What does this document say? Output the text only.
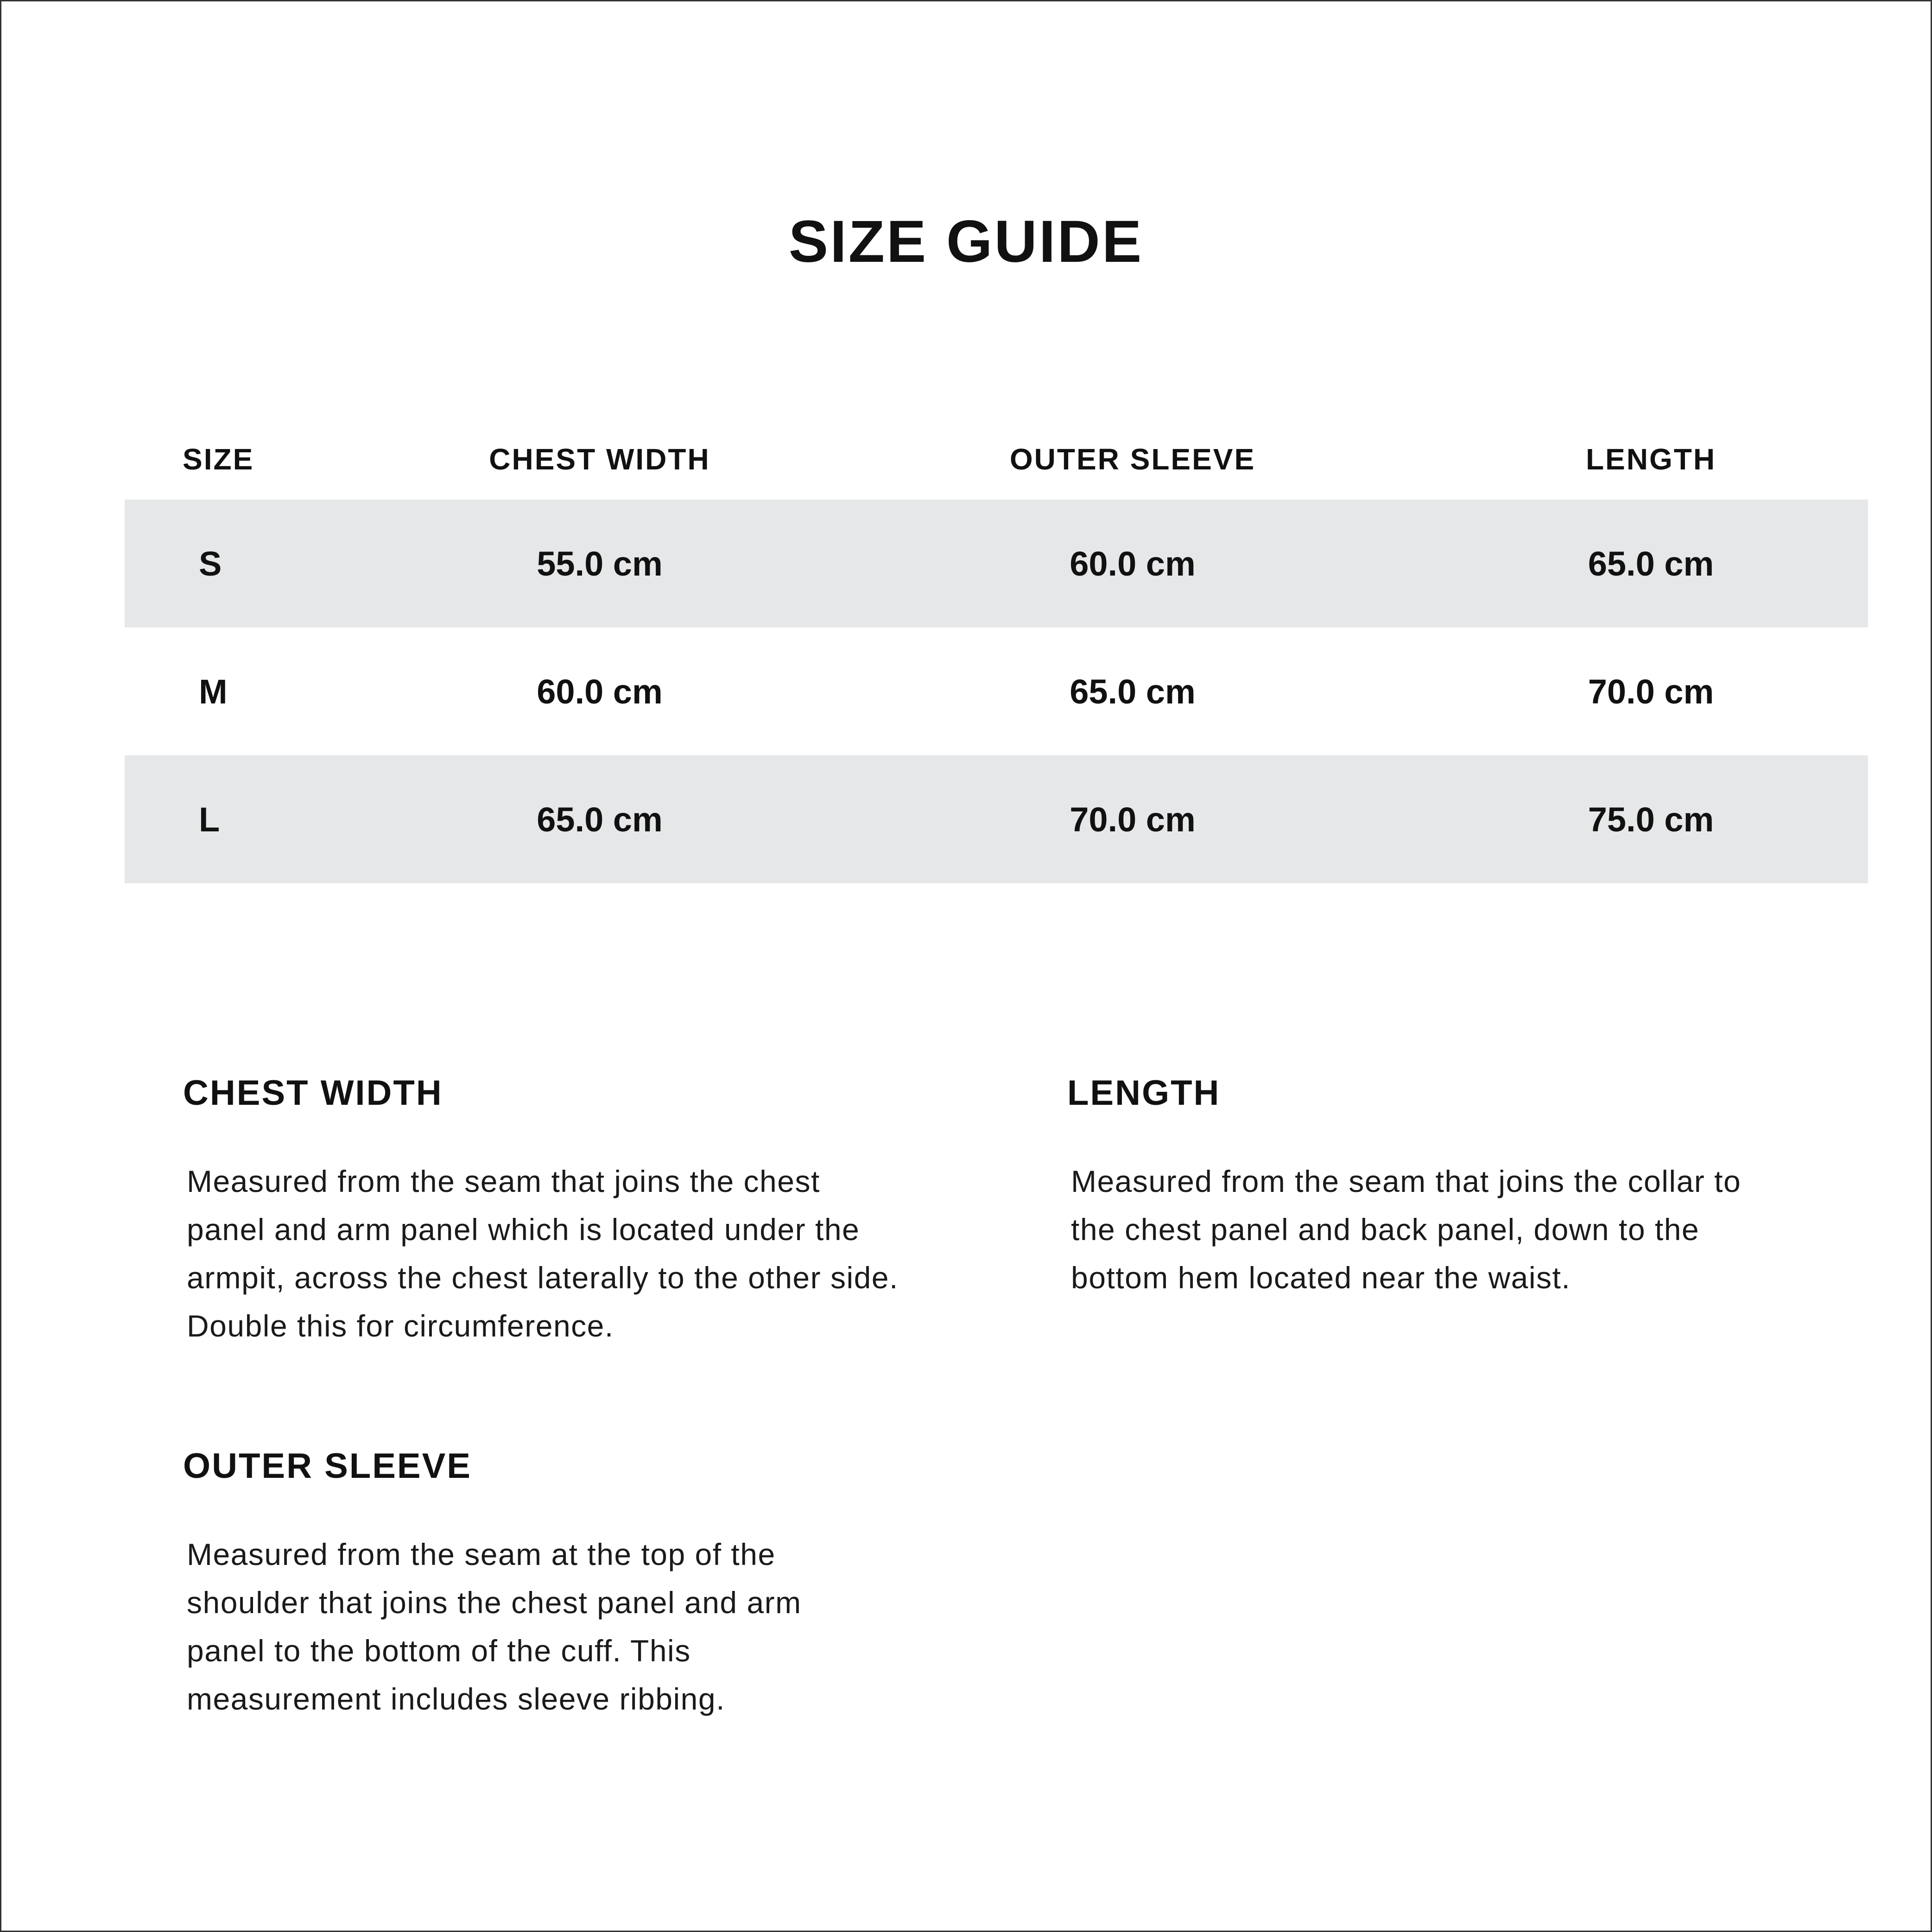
SIZE GUIDE
SIZE	CHEST WIDTH	OUTER SLEEVE	LENGTH
S	55.0 cm	60.0 cm	65.0 cm
M	60.0 cm	65.0 cm	70.0 cm
L	65.0 cm	70.0 cm	75.0 cm
CHEST WIDTH

Measured from the seam that joins the chest panel and arm panel which is located under the armpit, across the chest laterally to the other side. Double this for circumference.

LENGTH

Measured from the seam that joins the collar to the chest panel and back panel, down to the bottom hem located near the waist.

OUTER SLEEVE

Measured from the seam at the top of the shoulder that joins the chest panel and arm panel to the bottom of the cuff. This measurement includes sleeve ribbing.
